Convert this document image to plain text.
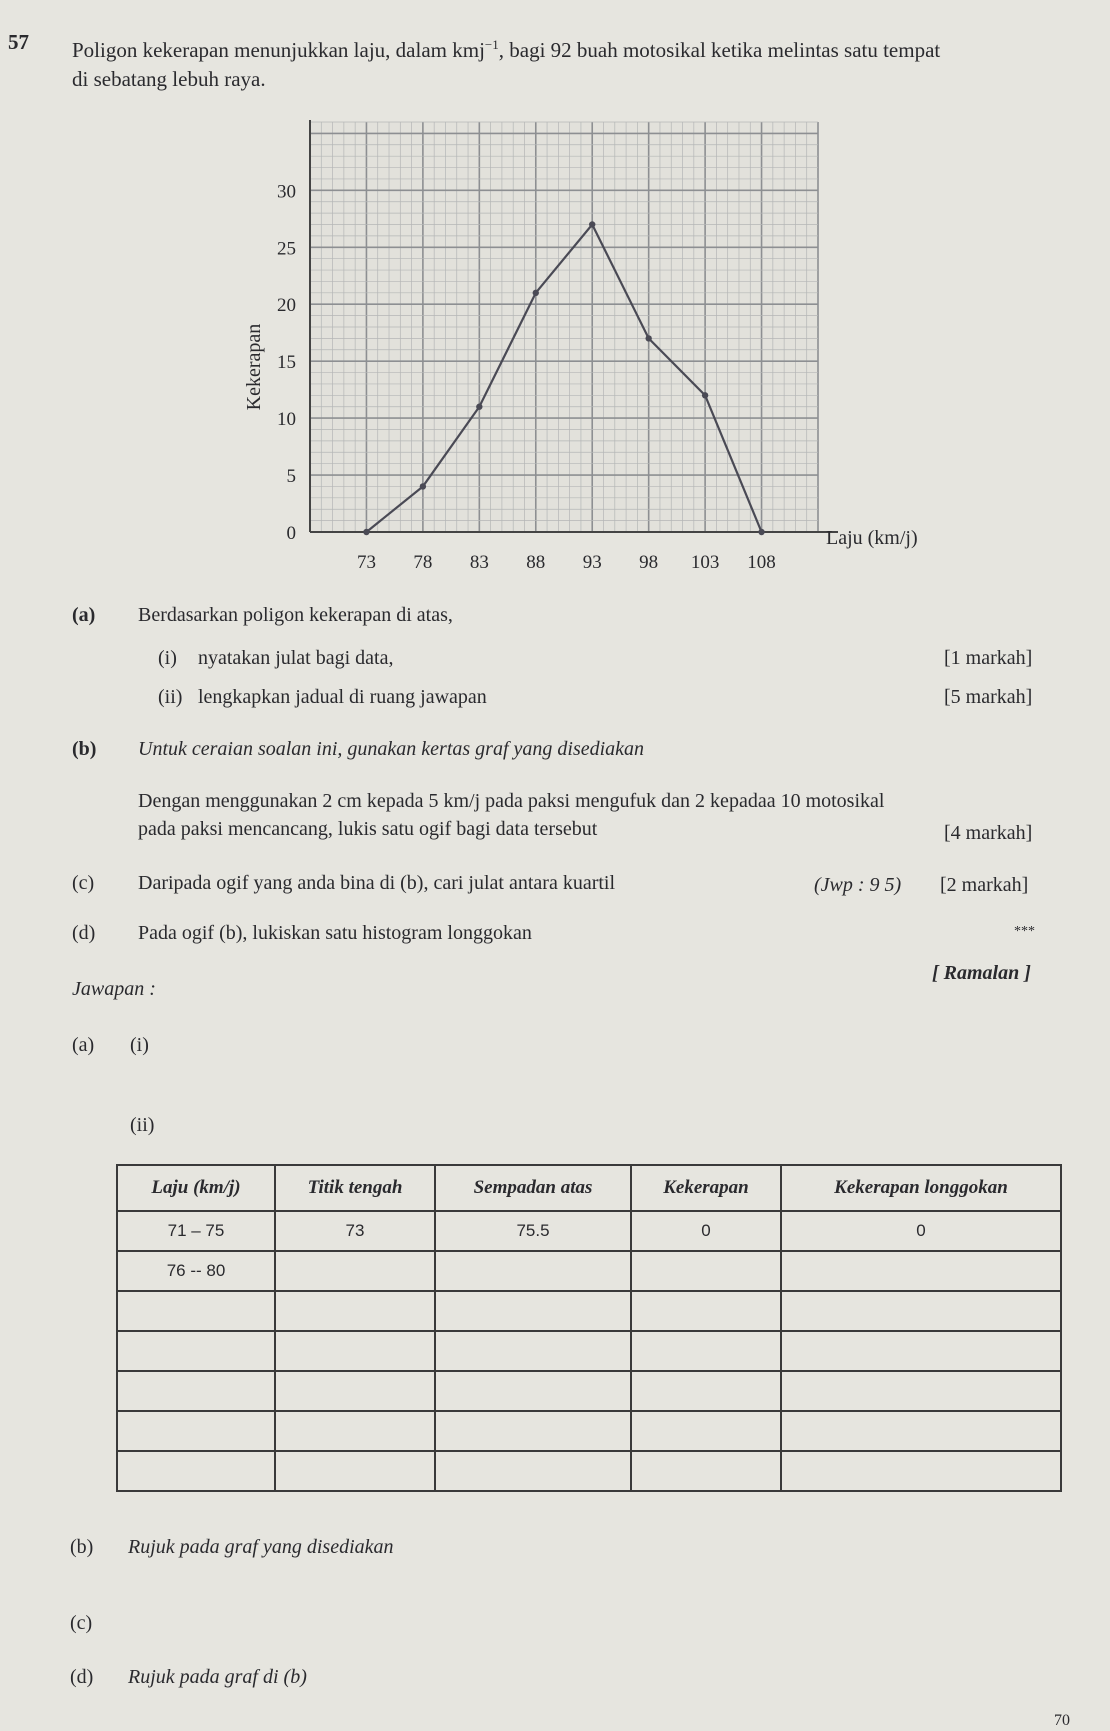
57 Poligon kekerapan menunjukkan laju, dalam kmj$^{-1}$, bagi 92 buah motosikal ketika melintas satu tempat
di sebatang lebuh raya.
0
5
10
15
20
25
30
73 78 83 88 93 98 103 108
Laju (km/j)
Kekerapan
(a) Berdasarkan poligon kekerapan di atas,
(i) nyatakan julat bagi data,	[1 markah]
(ii) lengkapkan jadual di ruang jawapan	[5 markah]
(b) Untuk ceraian soalan ini, gunakan kertas graf yang disediakan
Dengan menggunakan 2 cm kepada 5 km/j pada paksi mengufuk dan 2 kepadaa 10 motosikal
pada paksi mencancang, lukis satu ogif bagi data tersebut	[4 markah]
(c) Daripada ogif yang anda bina di (b), cari julat antara kuartil	(Jwp : 9 5) [2 markah]
(d) Pada ogif (b), lukiskan satu histogram longgokan	***
[ Ramalan ]
Jawapan :
(a) (i)
(ii)
Laju (km/j)	Titik tengah	Sempadan atas	Kekerapan	Kekerapan longgokan
71 – 75	73	75.5	0	0
76 -- 80				

(b) Rujuk pada graf yang disediakan
(c)
(d) Rujuk pada graf di (b)
70
